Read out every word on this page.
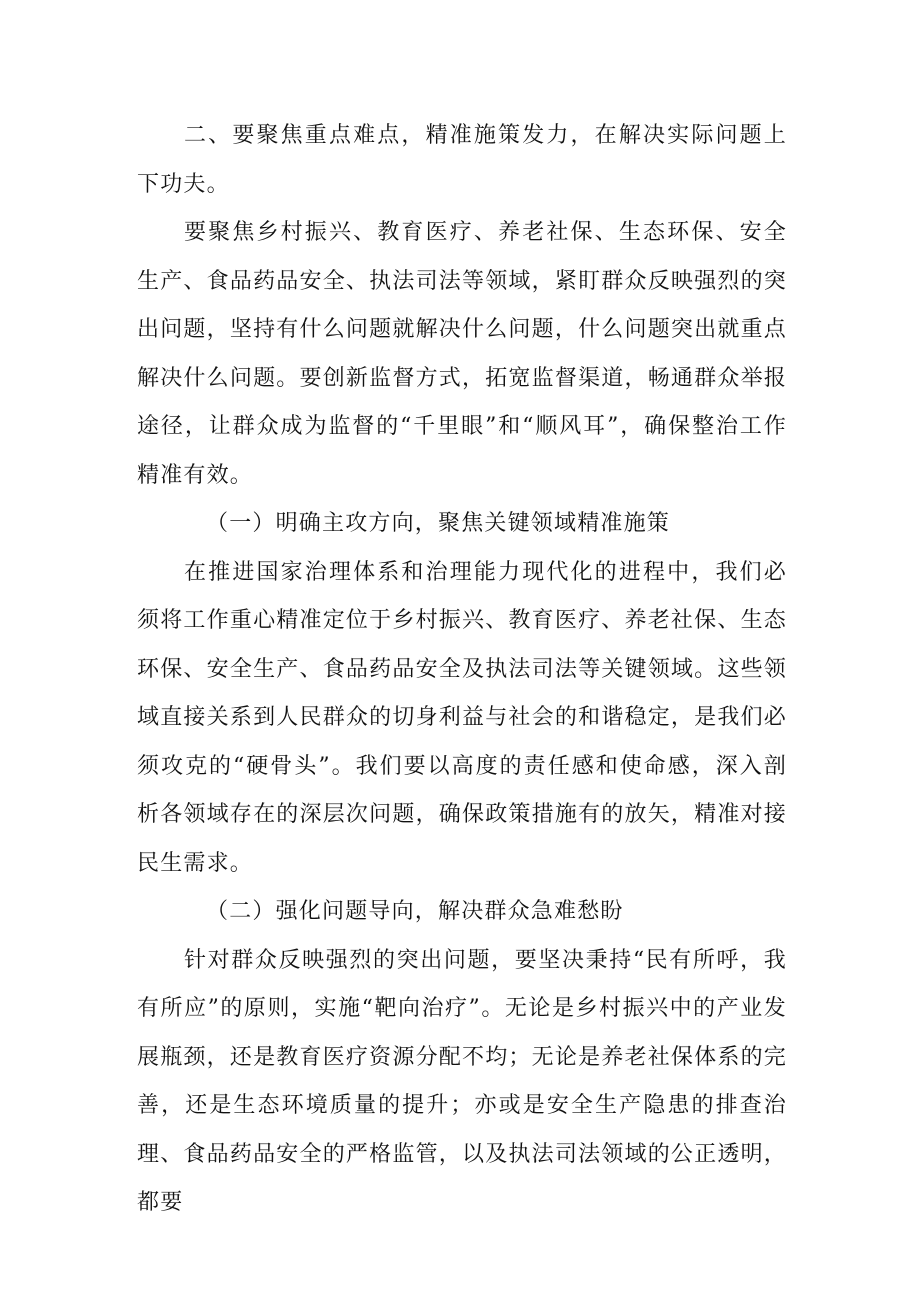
二、要聚焦重点难点，精准施策发力，在解决实际问题上下功夫。

要聚焦乡村振兴、教育医疗、养老社保、生态环保、安全生产、食品药品安全、执法司法等领域，紧盯群众反映强烈的突出问题，坚持有什么问题就解决什么问题，什么问题突出就重点解决什么问题。要创新监督方式，拓宽监督渠道，畅通群众举报途径，让群众成为监督的“千里眼”和“顺风耳”，确保整治工作精准有效。

（一）明确主攻方向，聚焦关键领域精准施策

在推进国家治理体系和治理能力现代化的进程中，我们必须将工作重心精准定位于乡村振兴、教育医疗、养老社保、生态环保、安全生产、食品药品安全及执法司法等关键领域。这些领域直接关系到人民群众的切身利益与社会的和谐稳定，是我们必须攻克的“硬骨头”。我们要以高度的责任感和使命感，深入剖析各领域存在的深层次问题，确保政策措施有的放矢，精准对接民生需求。

（二）强化问题导向，解决群众急难愁盼

针对群众反映强烈的突出问题，要坚决秉持“民有所呼，我有所应”的原则，实施“靶向治疗”。无论是乡村振兴中的产业发展瓶颈，还是教育医疗资源分配不均；无论是养老社保体系的完善，还是生态环境质量的提升；亦或是安全生产隐患的排查治理、食品药品安全的严格监管，以及执法司法领域的公正透明，都要
